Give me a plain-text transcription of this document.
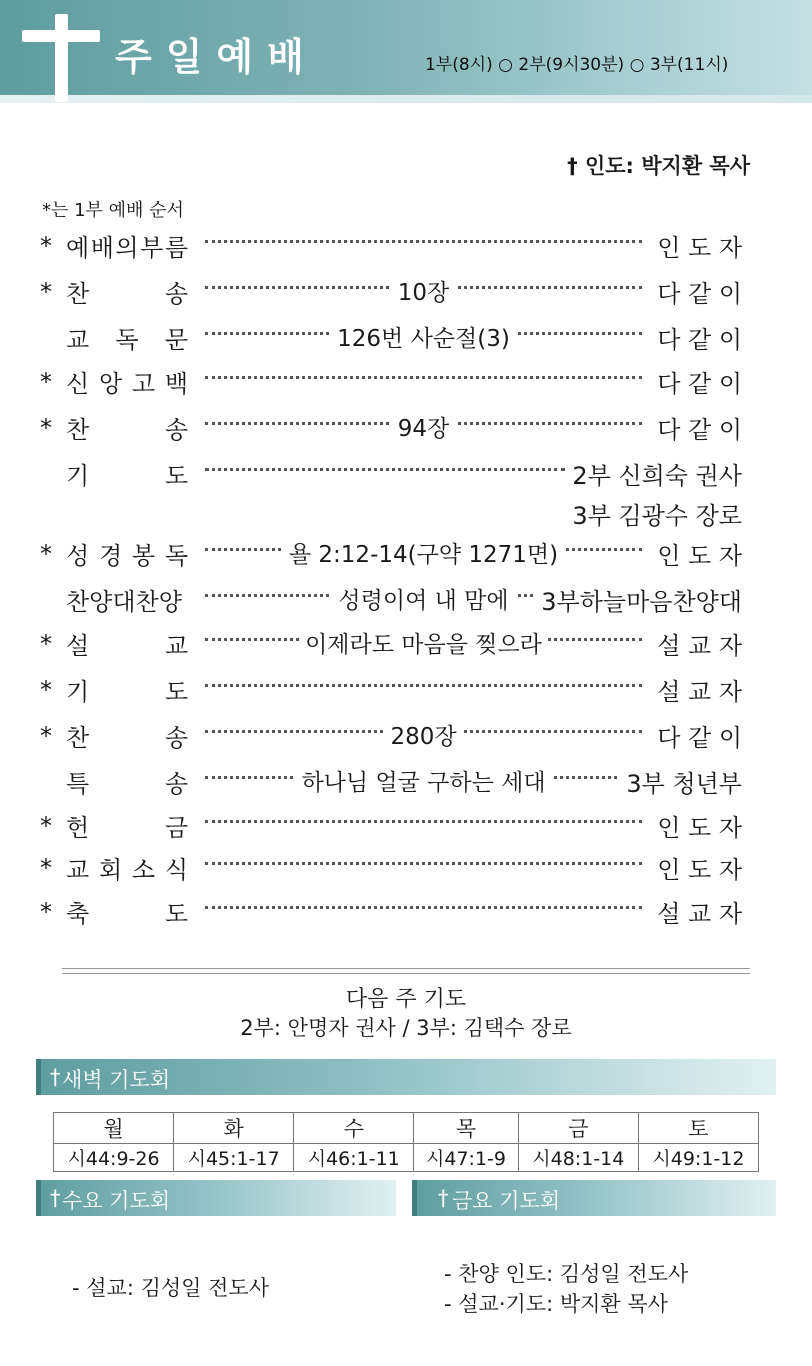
주일예배	1부(8시) ○ 2부(9시30분) ○ 3부(11시)
† 인도: 박지환 목사
*는 1부 예배 순서
* 예 배 의 부 름	인 도 자
* 찬	송	10장	다 같 이
교 독 문	126번 사순절(3)	다 같 이
* 신 앙 고 백	다 같 이
* 찬	송	94장	다 같 이
기	도	2부 신희숙 권사
3부 김광수 장로
* 성 경 봉 독	욜 2:12-14(구약 1271면)	인 도 자
찬양대찬양	성령이여 내 맘에	3부하늘마음찬양대
* 설	교	이제라도 마음을 찢으라	설 교 자
* 기	도	설 교 자
* 찬	송	280장	다 같 이
특	송	하나님 얼굴 구하는 세대	3부 청년부
* 헌	금	인 도 자
* 교 회 소 식	인 도 자
* 축	도	설 교 자
다음 주 기도
2부: 안명자 권사 / 3부: 김택수 장로
† 새벽 기도회
월	화	수	목	금	토
시44:9-26	시45:1-17	시46:1-11	시47:1-9	시48:1-14	시49:1-12
† 수요 기도회	† 금요 기도회
- 설교: 김성일 전도사
- 찬양 인도: 김성일 전도사
- 설교·기도: 박지환 목사
